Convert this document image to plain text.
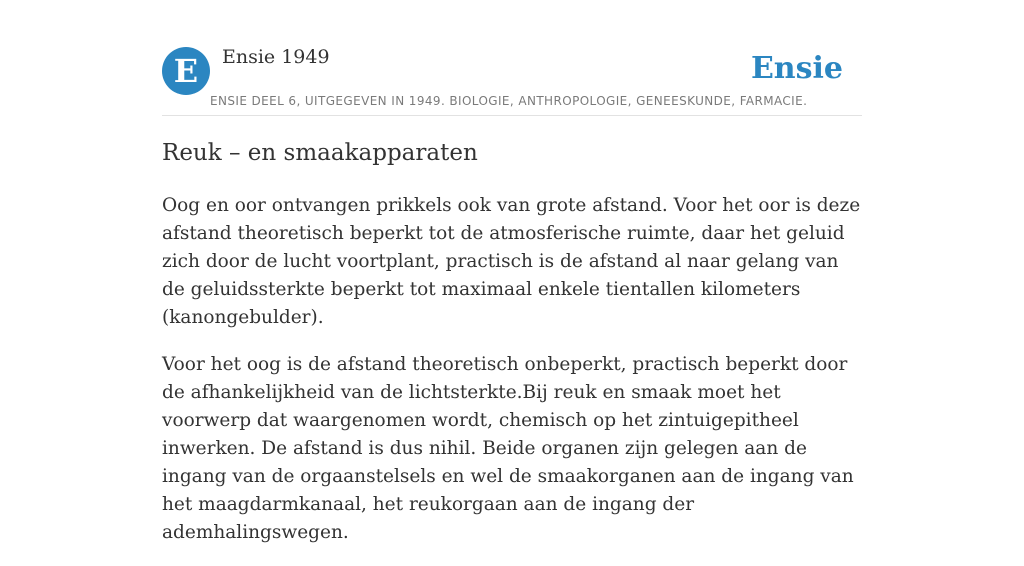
E	Ensie 1949	Ensie
ENSIE DEEL 6, UITGEGEVEN IN 1949. BIOLOGIE, ANTHROPOLOGIE, GENEESKUNDE, FARMACIE.
Reuk – en smaakapparaten

Oog en oor ontvangen prikkels ook van grote afstand. Voor het oor is deze afstand theoretisch beperkt tot de atmosferische ruimte, daar het geluid zich door de lucht voortplant, practisch is de afstand al naar gelang van de geluidssterkte beperkt tot maximaal enkele tientallen kilometers (kanongebulder).

Voor het oog is de afstand theoretisch onbeperkt, practisch beperkt door de afhankelijkheid van de lichtsterkte.Bij reuk en smaak moet het voorwerp dat waargenomen wordt, chemisch op het zintuigepitheel inwerken. De afstand is dus nihil. Beide organen zijn gelegen aan de ingang van de orgaanstelsels en wel de smaakorganen aan de ingang van het maagdarmkanaal, het reukorgaan aan de ingang der ademhalingswegen.
